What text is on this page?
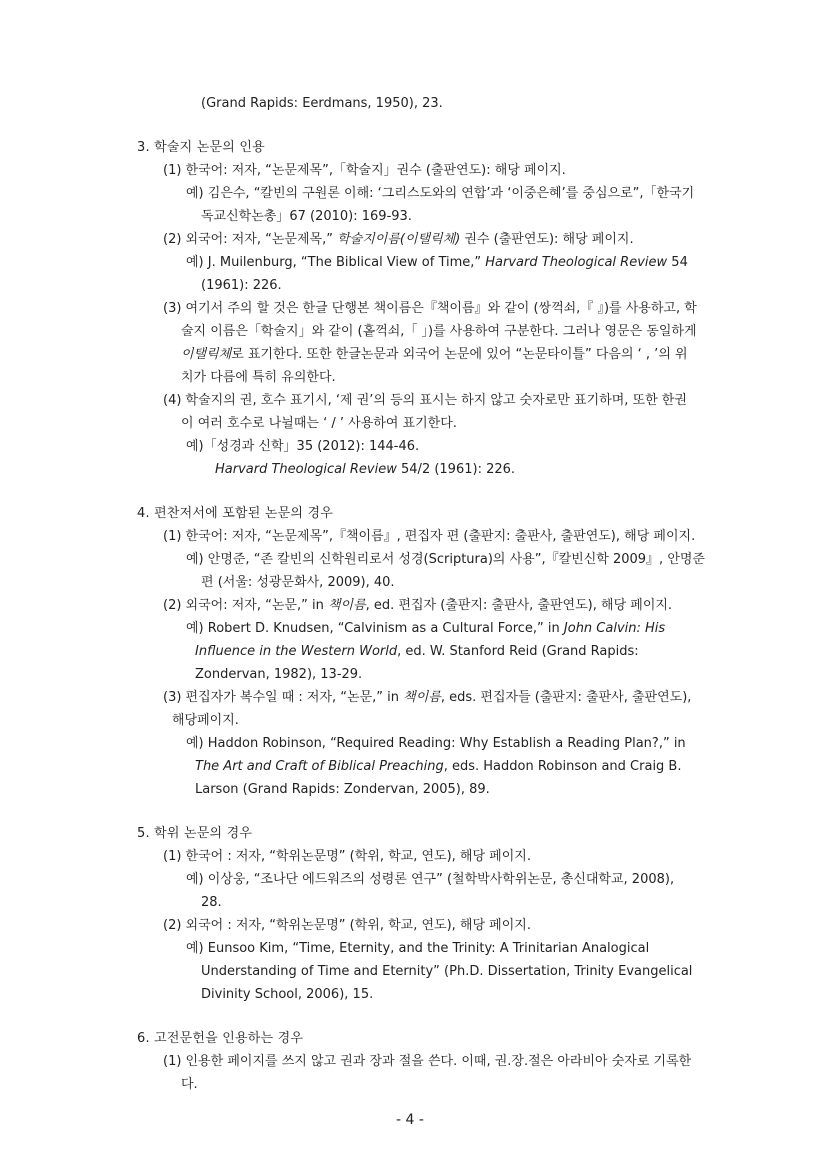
(Grand Rapids: Eerdmans, 1950), 23.
3. 학술지 논문의 인용
(1) 한국어: 저자, “논문제목”,「학술지」권수 (출판연도): 해당 페이지.
예) 김은수, “칼빈의 구원론 이해: ‘그리스도와의 연합’과 ‘이중은혜’를 중심으로”,「한국기
독교신학논총」67 (2010): 169-93.
(2) 외국어: 저자, “논문제목,” 학술지이름(이탤릭체) 권수 (출판연도): 해당 페이지.
예) J. Muilenburg, “The Biblical View of Time,” Harvard Theological Review 54
(1961): 226.
(3) 여기서 주의 할 것은 한글 단행본 책이름은『책이름』와 같이 (쌍꺽쇠,『 』)를 사용하고, 학
술지 이름은「학술지」와 같이 (홑꺽쇠,「 」)를 사용하여 구분한다. 그러나 영문은 동일하게
이탤릭체로 표기한다. 또한 한글논문과 외국어 논문에 있어 “논문타이틀” 다음의 ‘ , ’의 위
치가 다름에 특히 유의한다.
(4) 학술지의 권, 호수 표기시, ‘제 권’의 등의 표시는 하지 않고 숫자로만 표기하며, 또한 한권
이 여러 호수로 나뉠때는 ‘ / ’ 사용하여 표기한다.
예)「성경과 신학」35 (2012): 144-46.
Harvard Theological Review 54/2 (1961): 226.
4. 편찬저서에 포함된 논문의 경우
(1) 한국어: 저자, “논문제목”,『책이름』, 편집자 편 (출판지: 출판사, 출판연도), 해당 페이지.
예) 안명준, “존 칼빈의 신학원리로서 성경(Scriptura)의 사용”,『칼빈신학 2009』, 안명준
편 (서울: 성광문화사, 2009), 40.
(2) 외국어: 저자, “논문,” in 책이름, ed. 편집자 (출판지: 출판사, 출판연도), 해당 페이지.
예) Robert D. Knudsen, “Calvinism as a Cultural Force,” in John Calvin: His
Influence in the Western World, ed. W. Stanford Reid (Grand Rapids:
Zondervan, 1982), 13-29.
(3) 편집자가 복수일 때 : 저자, “논문,” in 책이름, eds. 편집자들 (출판지: 출판사, 출판연도),
해당페이지.
예) Haddon Robinson, “Required Reading: Why Establish a Reading Plan?,” in
The Art and Craft of Biblical Preaching, eds. Haddon Robinson and Craig B.
Larson (Grand Rapids: Zondervan, 2005), 89.
5. 학위 논문의 경우
(1) 한국어 : 저자, “학위논문명” (학위, 학교, 연도), 해당 페이지.
예) 이상웅, “조나단 에드워즈의 성령론 연구” (철학박사학위논문, 총신대학교, 2008),
28.
(2) 외국어 : 저자, “학위논문명” (학위, 학교, 연도), 해당 페이지.
예) Eunsoo Kim, “Time, Eternity, and the Trinity: A Trinitarian Analogical
Understanding of Time and Eternity” (Ph.D. Dissertation, Trinity Evangelical
Divinity School, 2006), 15.
6. 고전문헌을 인용하는 경우
(1) 인용한 페이지를 쓰지 않고 권과 장과 절을 쓴다. 이때, 권.장.절은 아라비아 숫자로 기록한
다.
- 4 -
